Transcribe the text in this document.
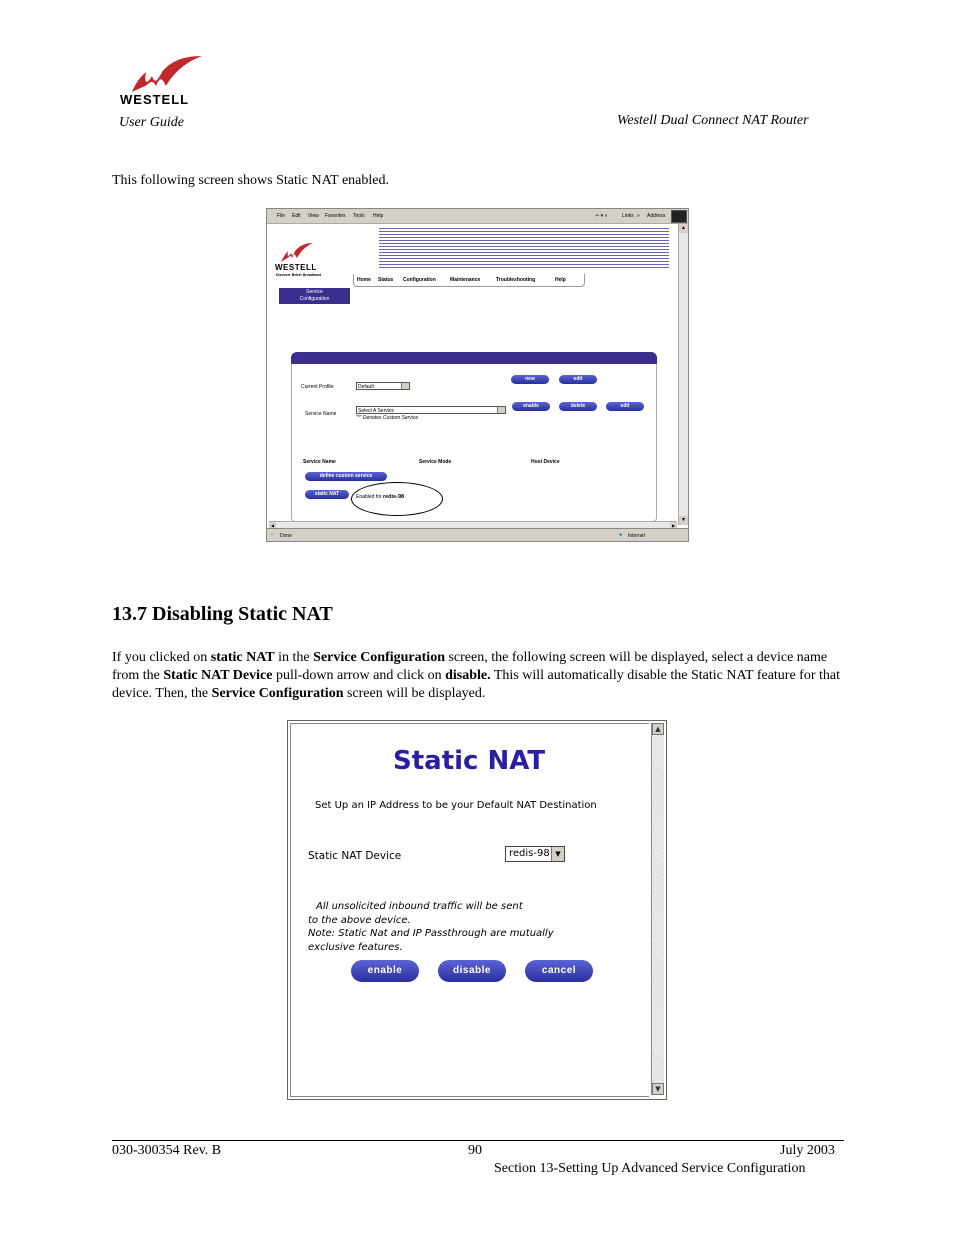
WESTELL
User Guide	Westell Dual Connect NAT Router
This following screen shows Static NAT enabled.
File Edit View Favorites Tools Help	⇦ ▾ »	Links » Address
WESTELL
Discover Better Broadband
Home Status Configuration	Maintenance	Troubleshooting	Help
Service
Configuration
Current Profile:	Default
new	edit
Service Name	Select A Service
"*" Denotes Custom Service
enable	delete	edit
Service Name	Service Mode	Host Device
define custom service
static NAT	Enabled for redis-98
▲
▼
◀	▶
▫ Done	● Internet
13.7 Disabling Static NAT
If you clicked on static NAT in the Service Configuration screen, the following screen will be displayed, select a device name from the Static NAT Device pull-down arrow and click on disable. This will automatically disable the Static NAT feature for that device. Then, the Service Configuration screen will be displayed.
Static NAT
Set Up an IP Address to be your Default NAT Destination
Static NAT Device	redis-98 ▼
All unsolicited inbound traffic will be sent
to the above device.
Note: Static Nat and IP Passthrough are mutually
exclusive features.
enable	disable	cancel
▲
▼
030-300354 Rev. B	90	July 2003
Section 13-Setting Up Advanced Service Configuration
